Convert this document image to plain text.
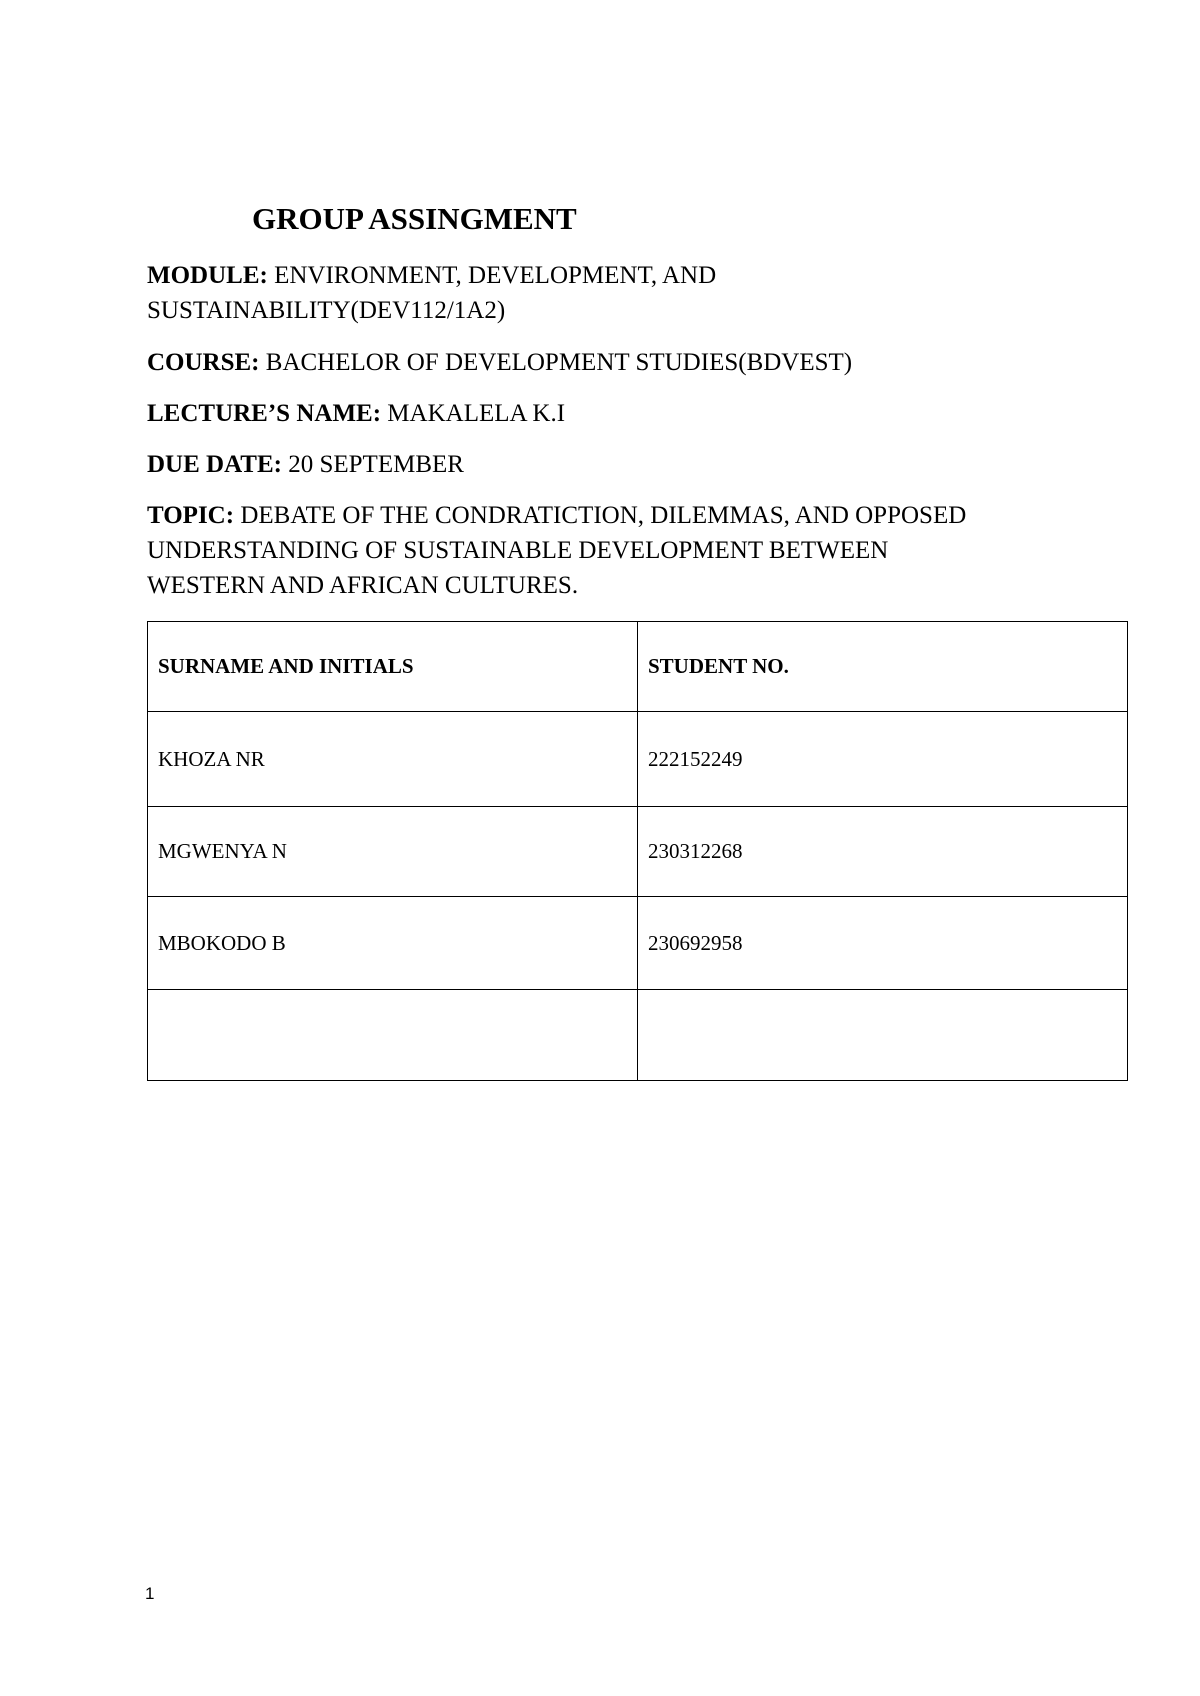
GROUP ASSINGMENT
MODULE: ENVIRONMENT, DEVELOPMENT, AND SUSTAINABILITY(DEV112/1A2)
COURSE: BACHELOR OF DEVELOPMENT STUDIES(BDVEST)
LECTURE’S NAME: MAKALELA K.I
DUE DATE: 20 SEPTEMBER
TOPIC: DEBATE OF THE CONDRATICTION, DILEMMAS, AND OPPOSED UNDERSTANDING OF SUSTAINABLE DEVELOPMENT BETWEEN WESTERN AND AFRICAN CULTURES.
SURNAME AND INITIALS	STUDENT NO.
KHOZA NR	222152249
MGWENYA N	230312268
MBOKODO B	230692958

1
